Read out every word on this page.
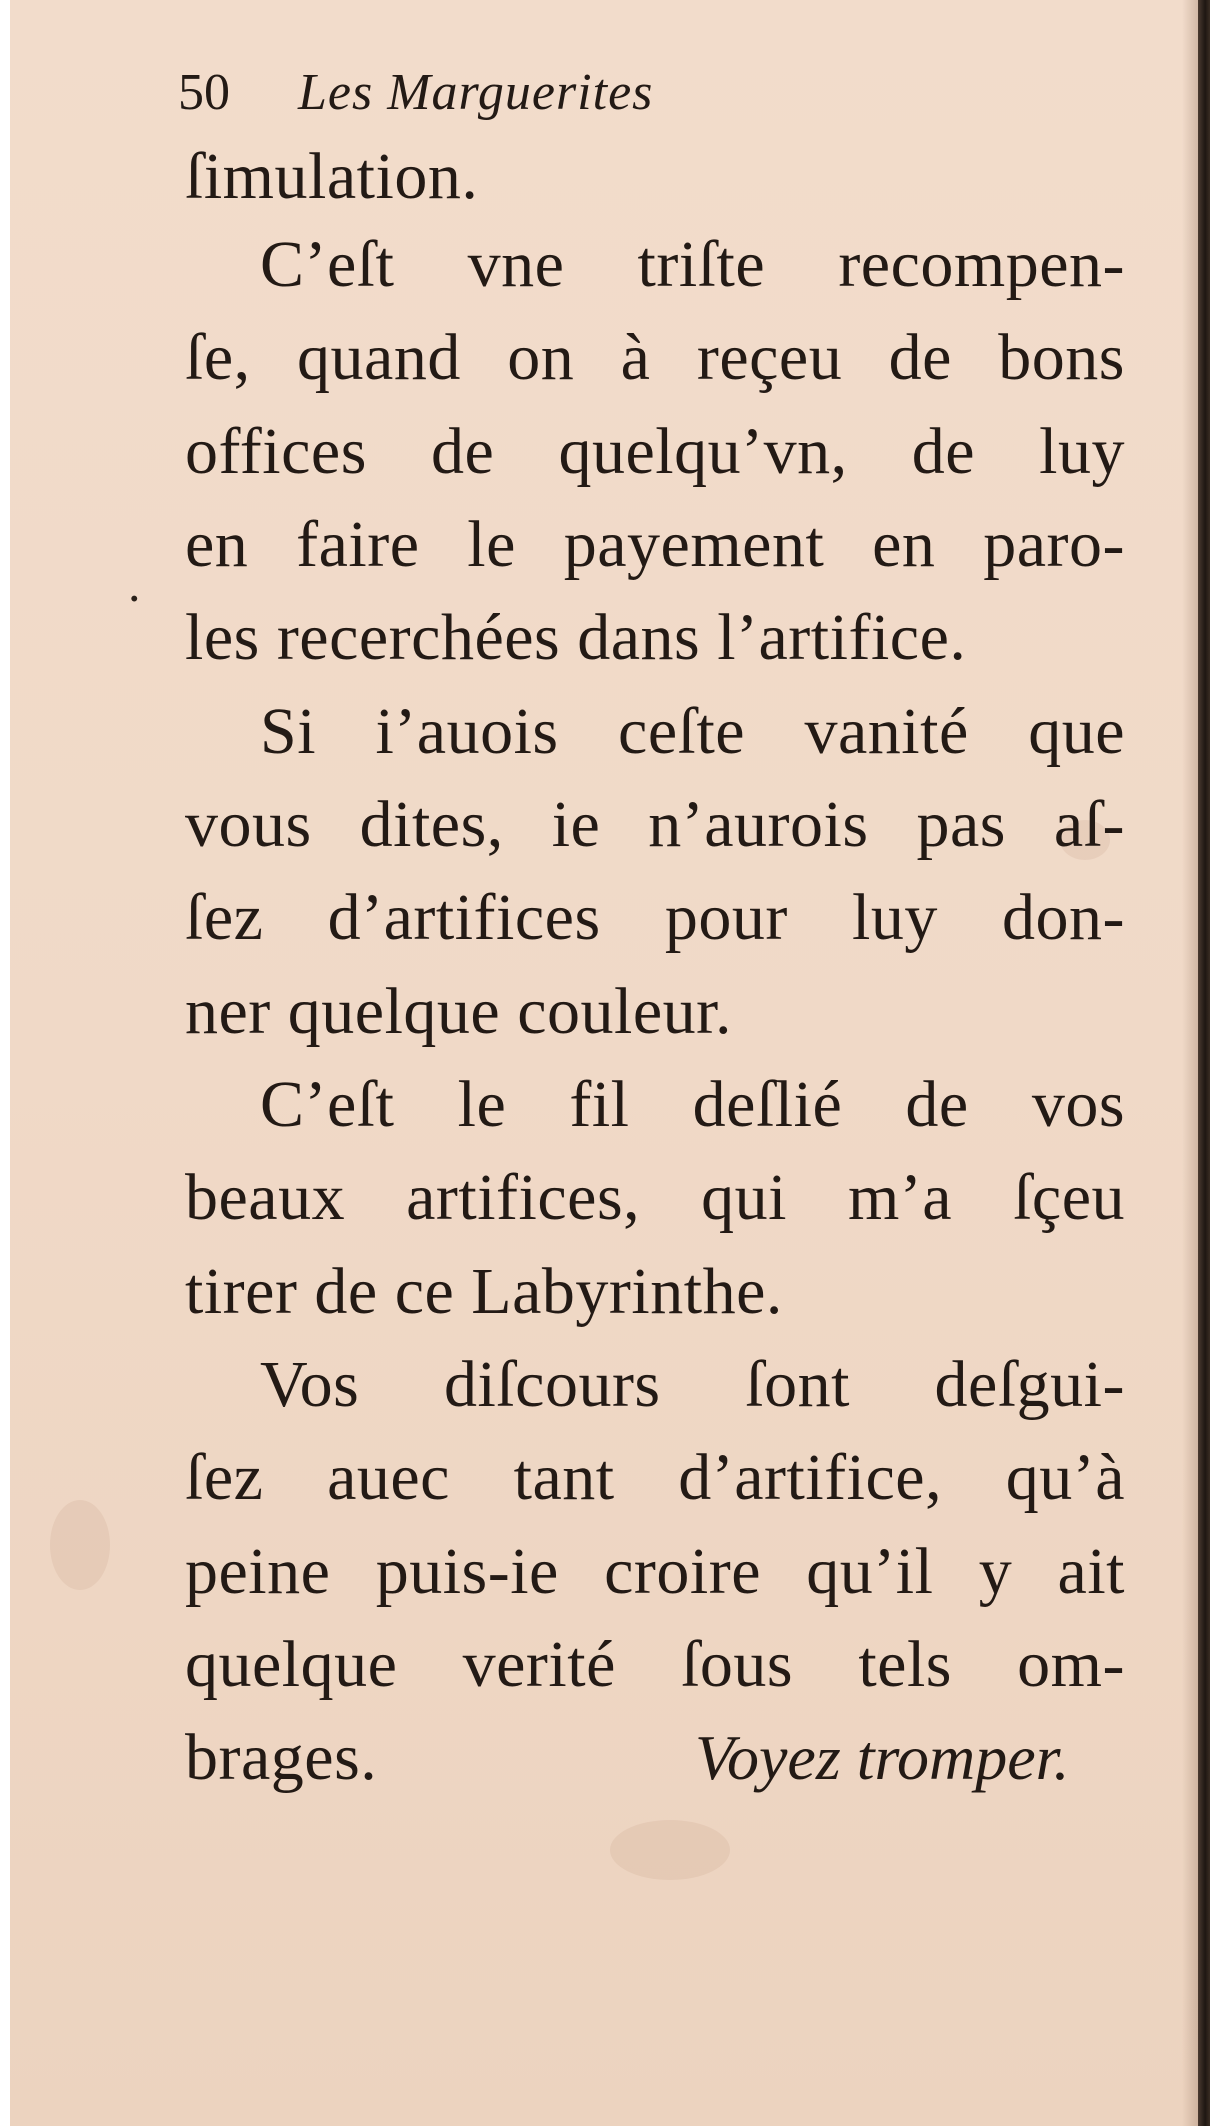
50 Les Marguerites
.
ſimulation.
C’eſt vne triſte recompen-
ſe, quand on à reçeu de bons
offices de quelqu’vn, de luy
en faire le payement en paro-
les recerchées dans l’artifice.
Si i’auois ceſte vanité que
vous dites, ie n’aurois pas aſ-
ſez d’artifices pour luy don-
ner quelque couleur.
C’eſt le fil deſlié de vos
beaux artifices, qui m’a ſçeu
tirer de ce Labyrinthe.
Vos diſcours ſont deſgui-
ſez auec tant d’artifice, qu’à
peine puis-ie croire qu’il y ait
quelque verité ſous tels om-
brages.	Voyez tromper.
